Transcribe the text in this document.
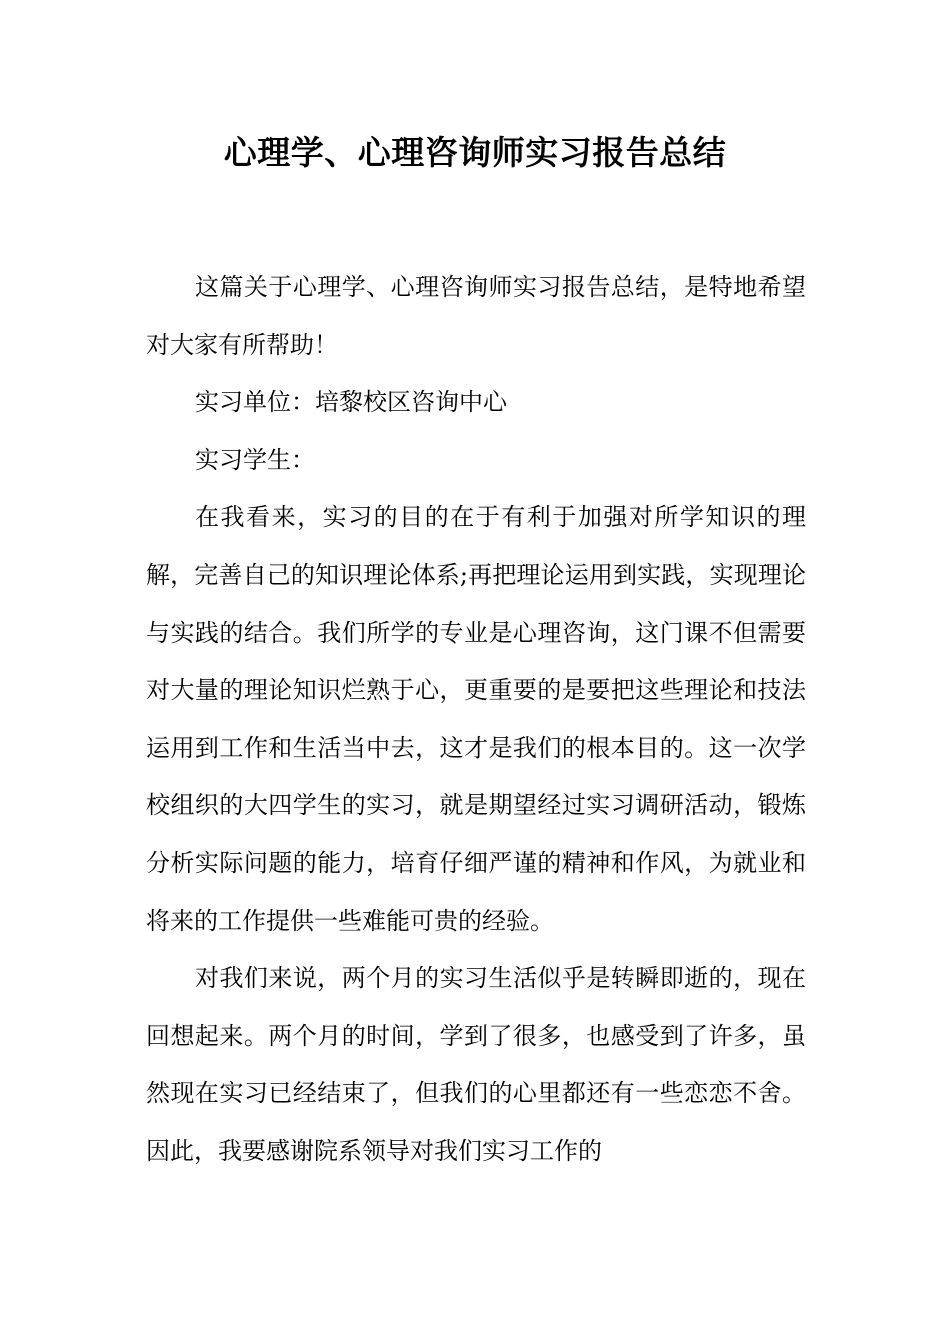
心理学、心理咨询师实习报告总结

这篇关于心理学、心理咨询师实习报告总结，是特地希望对大家有所帮助！

实习单位：培黎校区咨询中心

实习学生：

在我看来，实习的目的在于有利于加强对所学知识的理解，完善自己的知识理论体系;再把理论运用到实践，实现理论与实践的结合。我们所学的专业是心理咨询，这门课不但需要对大量的理论知识烂熟于心，更重要的是要把这些理论和技法运用到工作和生活当中去，这才是我们的根本目的。这一次学校组织的大四学生的实习，就是期望经过实习调研活动，锻炼分析实际问题的能力，培育仔细严谨的精神和作风，为就业和将来的工作提供一些难能可贵的经验。

对我们来说，两个月的实习生活似乎是转瞬即逝的，现在回想起来。两个月的时间，学到了很多，也感受到了许多，虽然现在实习已经结束了，但我们的心里都还有一些恋恋不舍。因此，我要感谢院系领导对我们实习工作的
